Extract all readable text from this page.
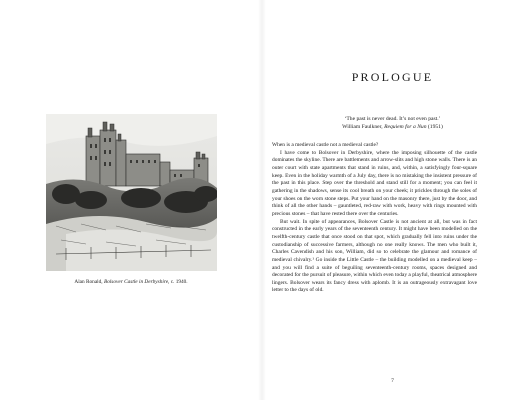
Alan Ronald, Bolsover Castle in Derbyshire, c. 1940.
PROLOGUE
‘The past is never dead. It’s not even past.’
William Faulkner, Requiem for a Nun (1951)

When is a medieval castle not a medieval castle?

I have come to Bolsover in Derbyshire, where the imposing silhouette of the castle dominates the skyline. There are battlements and arrow-slits and high stone walls. There is an outer court with state apartments that stand in ruins, and, within, a satisfyingly four-square keep. Even in the holiday warmth of a July day, there is no mistaking the insistent pressure of the past in this place. Step over the threshold and stand still for a moment; you can feel it gathering in the shadows, sense its cool breath on your cheek; it prickles through the soles of your shoes on the worn stone steps. Put your hand on the masonry there, just by the door, and think of all the other hands – gauntleted, red-raw with work, heavy with rings mounted with precious stones – that have rested there over the centuries.

But wait. In spite of appearances, Bolsover Castle is not ancient at all, but was in fact constructed in the early years of the seventeenth century. It might have been modelled on the twelfth-century castle that once stood on that spot, which gradually fell into ruins under the custodianship of successive farmers, although no one really knows. The men who built it, Charles Cavendish and his son, William, did so to celebrate the glamour and romance of medieval chivalry.¹ Go inside the Little Castle – the building modelled on a medieval keep – and you will find a suite of beguiling seventeenth-century rooms, spaces designed and decorated for the pursuit of pleasure, within which even today a playful, theatrical atmosphere lingers. Bolsover wears its fancy dress with aplomb. It is an outrageously extravagant love letter to the days of old.

7
